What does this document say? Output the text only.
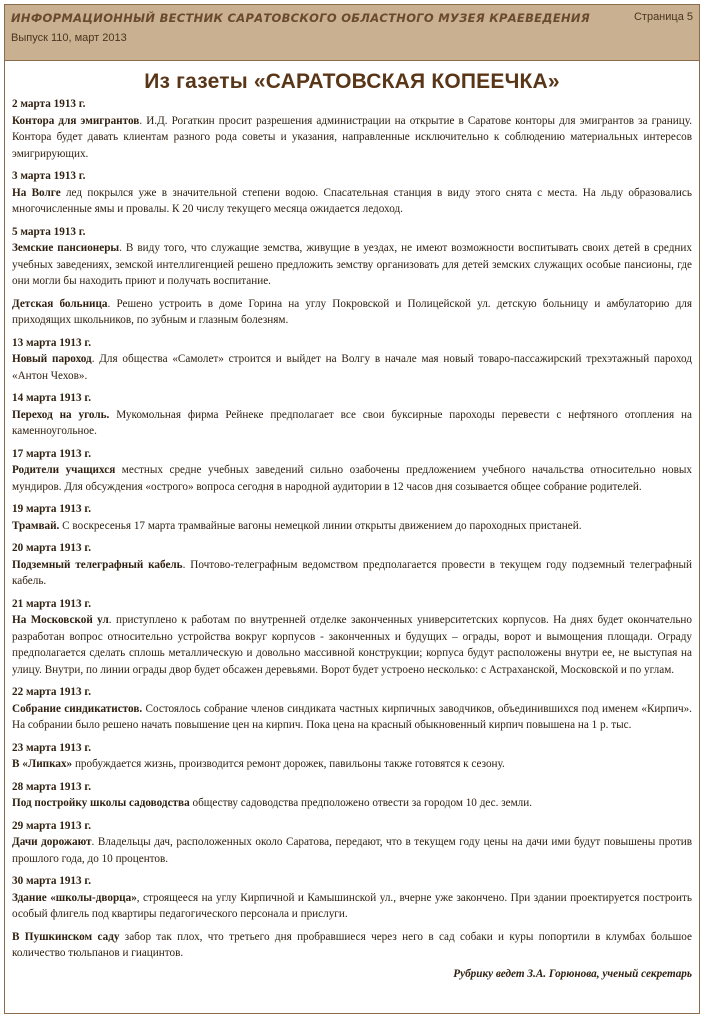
ИНФОРМАЦИОННЫЙ ВЕСТНИК САРАТОВСКОГО ОБЛАСТНОГО МУЗЕЯ КРАЕВЕДЕНИЯ
Выпуск 110, март 2013
Страница 5
Из газеты «САРАТОВСКАЯ КОПЕЕЧКА»
2 марта 1913 г.
Контора для эмигрантов. И.Д. Рогаткин просит разрешения администрации на открытие в Саратове конторы для эмигрантов за границу. Контора будет давать клиентам разного рода советы и указания, направленные исключительно к соблюдению материальных интересов эмигрирующих.
3 марта 1913 г.
На Волге лед покрылся уже в значительной степени водою. Спасательная станция в виду этого снята с места. На льду образовались многочисленные ямы и провалы. К 20 числу текущего месяца ожидается ледоход.
5 марта 1913 г.
Земские пансионеры. В виду того, что служащие земства, живущие в уездах, не имеют возможности воспитывать своих детей в средних учебных заведениях, земской интеллигенцией решено предложить земству организовать для детей земских служащих особые пансионы, где они могли бы находить приют и получать воспитание.
Детская больница. Решено устроить в доме Горина на углу Покровской и Полицейской ул. детскую больницу и амбулаторию для приходящих школьников, по зубным и глазным болезням.
13 марта 1913 г.
Новый пароход. Для общества «Самолет» строится и выйдет на Волгу в начале мая новый товаро-пассажирский трехэтажный пароход «Антон Чехов».
14 марта 1913 г.
Переход на уголь. Мукомольная фирма Рейнеке предполагает все свои буксирные пароходы перевести с нефтяного отопления на каменноугольное.
17 марта 1913 г.
Родители учащихся местных средне учебных заведений сильно озабочены предложением учебного начальства относительно новых мундиров. Для обсуждения «острого» вопроса сегодня в народной аудитории в 12 часов дня созывается общее собрание родителей.
19 марта 1913 г.
Трамвай. С воскресенья 17 марта трамвайные вагоны немецкой линии открыты движением до пароходных пристаней.
20 марта 1913 г.
Подземный телеграфный кабель. Почтово-телеграфным ведомством предполагается провести в текущем году подземный телеграфный кабель.
21 марта 1913 г.
На Московской ул. приступлено к работам по внутренней отделке законченных университетских корпусов. На днях будет окончательно разработан вопрос относительно устройства вокруг корпусов - законченных и будущих – ограды, ворот и вымощения площади. Ограду предполагается сделать сплошь металлическую и довольно массивной конструкции; корпуса будут расположены внутри ее, не выступая на улицу. Внутри, по линии ограды двор будет обсажен деревьями. Ворот будет устроено несколько: с Астраханской, Московской и по углам.
22 марта 1913 г.
Собрание синдикатистов. Состоялось собрание членов синдиката частных кирпичных заводчиков, объединившихся под именем «Кирпич». На собрании было решено начать повышение цен на кирпич. Пока цена на красный обыкновенный кирпич повышена на 1 р. тыс.
23 марта 1913 г.
В «Липках» пробуждается жизнь, производится ремонт дорожек, павильоны также готовятся к сезону.
28 марта 1913 г.
Под постройку школы садоводства обществу садоводства предположено отвести за городом 10 дес. земли.
29 марта 1913 г.
Дачи дорожают. Владельцы дач, расположенных около Саратова, передают, что в текущем году цены на дачи ими будут повышены против прошлого года, до 10 процентов.
30 марта 1913 г.
Здание «школы-дворца», строящееся на углу Кирпичной и Камышинской ул., вчерне уже закончено. При здании проектируется построить особый флигель под квартиры педагогического персонала и прислуги.
В Пушкинском саду забор так плох, что третьего дня пробравшиеся через него в сад собаки и куры попортили в клумбах большое количество тюльпанов и гиацинтов.
Рубрику ведет З.А. Горюнова, ученый секретарь
